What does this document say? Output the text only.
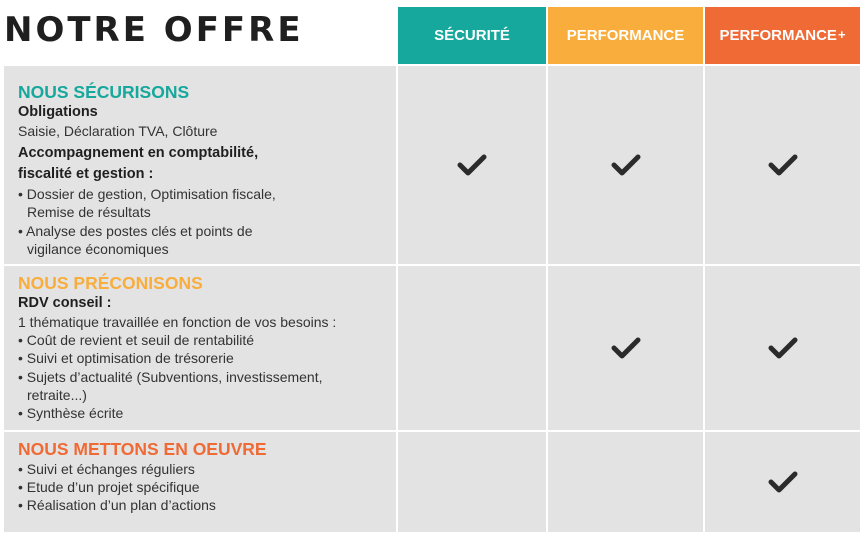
NOTRE OFFRE	SÉCURITÉ	PERFORMANCE PERFORMANCE +
NOUS SÉCURISONS
Obligations
Saisie, Déclaration TVA, Clôture
Accompagnement en comptabilité,
fiscalité et gestion :
• Dossier de gestion, Optimisation fiscale,
Remise de résultats
• Analyse des postes clés et points de
vigilance économiques
NOUS PRÉCONISONS
RDV conseil :
1 thématique travaillée en fonction de vos besoins :
• Coût de revient et seuil de rentabilité
• Suivi et optimisation de trésorerie
• Sujets d’actualité (Subventions, investissement,
retraite...)
• Synthèse écrite
NOUS METTONS EN OEUVRE
• Suivi et échanges réguliers
• Etude d’un projet spécifique
• Réalisation d’un plan d’actions
